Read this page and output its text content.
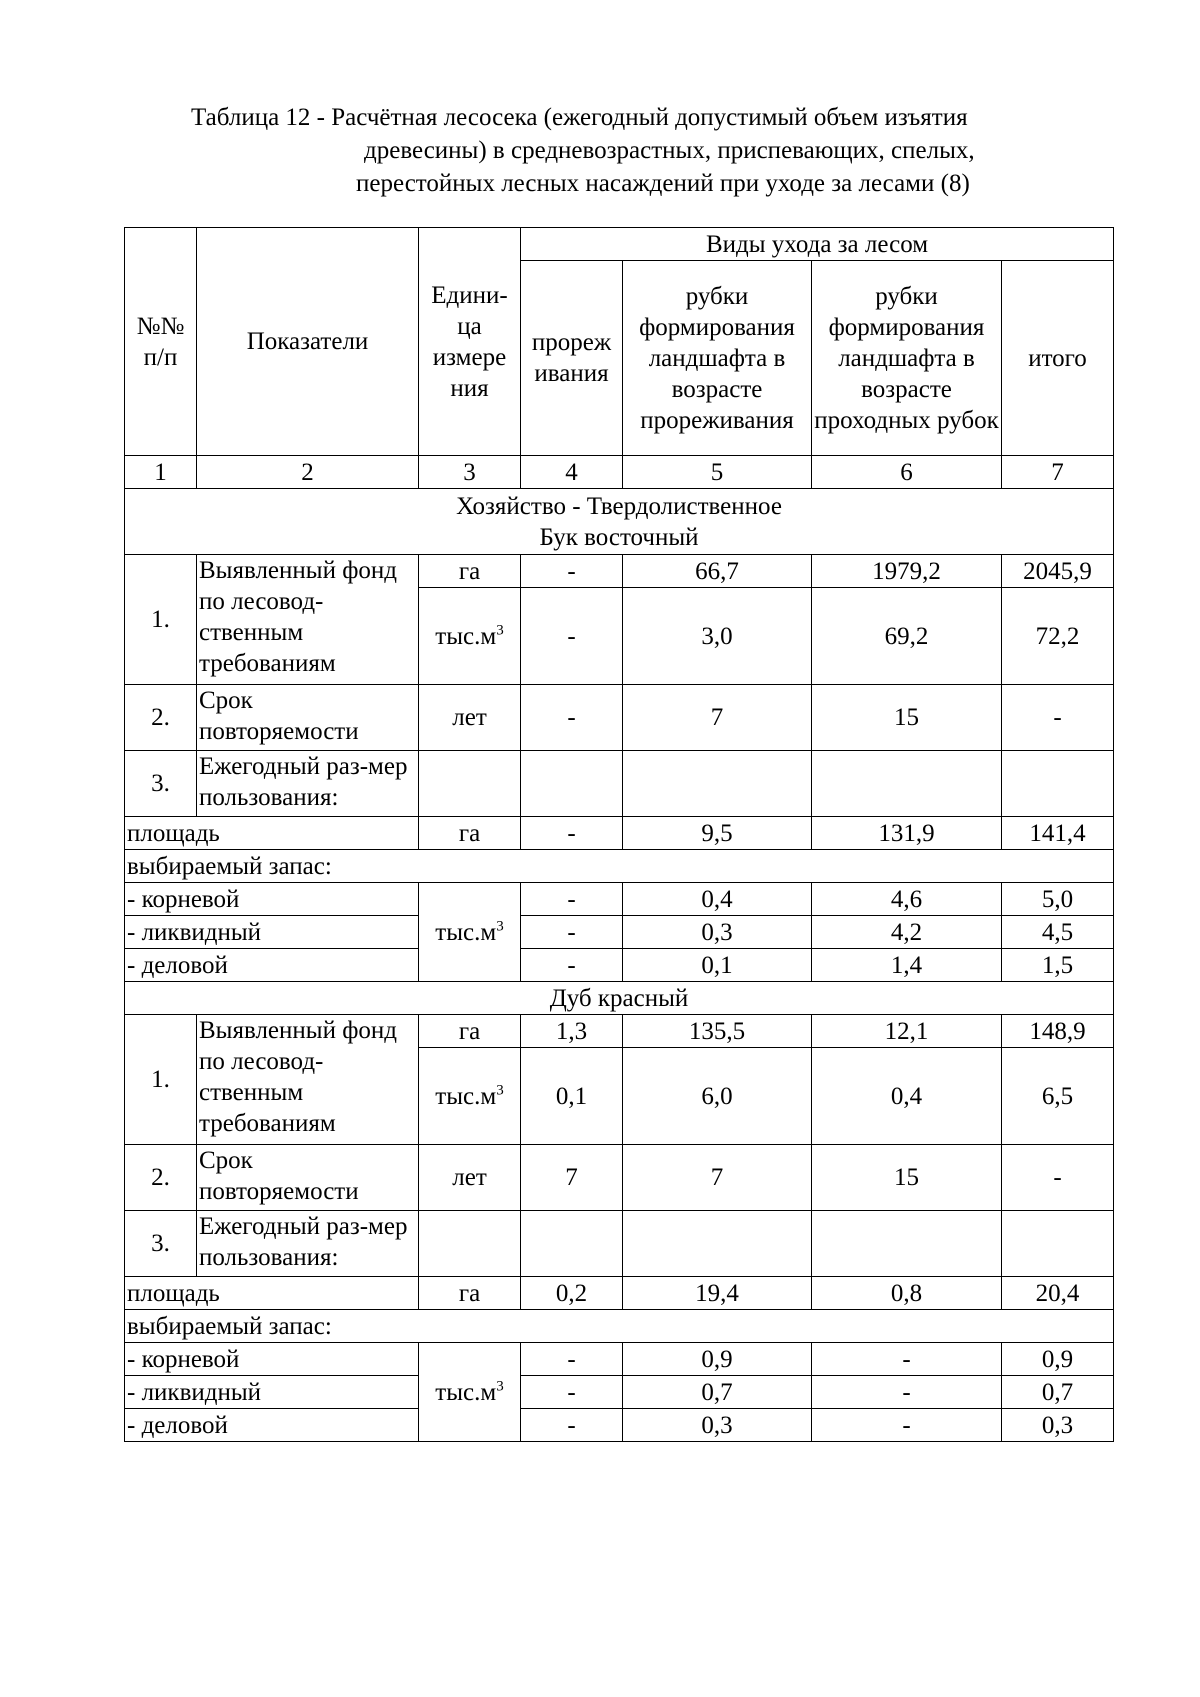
Таблица 12 - Расчётная лесосека (ежегодный допустимый объем изъятия
древесины) в средневозрастных, приспевающих, спелых,
перестойных лесных насаждений при уходе за лесами (8)
№№ п/п	Показатели	Едини-ца измере ния	Виды ухода за лесом			
			прореж ивания	рубки формирования ландшафта в возрасте прореживания	рубки формирования ландшафта в возрасте проходных рубок	итого
1	2	3	4	5	6	7

Хозяйство - Твердолиственное
Бук восточный						

1.	Выявленный фонд по лесовод-ственным требованиям	га	-	66,7	1979,2	2045,9
		$тыс.м^3$	-	3,0	69,2	72,2
2.	Срок повторяемости	лет	-	7	15	-
3.	Ежегодный раз-мер пользования:					
площадь		га	-	9,5	131,9	141,4
выбираемый запас:						
- корневой		$тыс.м^3$	-	0,4	4,6	5,0
- ликвидный			-	0,3	4,2	4,5
- деловой			-	0,1	1,4	1,5
Дуб красный						
1.	Выявленный фонд по лесовод-ственным требованиям	га	1,3	135,5	12,1	148,9
		$тыс.м^3$	0,1	6,0	0,4	6,5
2.	Срок повторяемости	лет	7	7	15	-
3.	Ежегодный раз-мер пользования:					
площадь		га	0,2	19,4	0,8	20,4
выбираемый запас:						
- корневой		$тыс.м^3$	-	0,9	-	0,9
- ликвидный			-	0,7	-	0,7
- деловой			-	0,3	-	0,3
